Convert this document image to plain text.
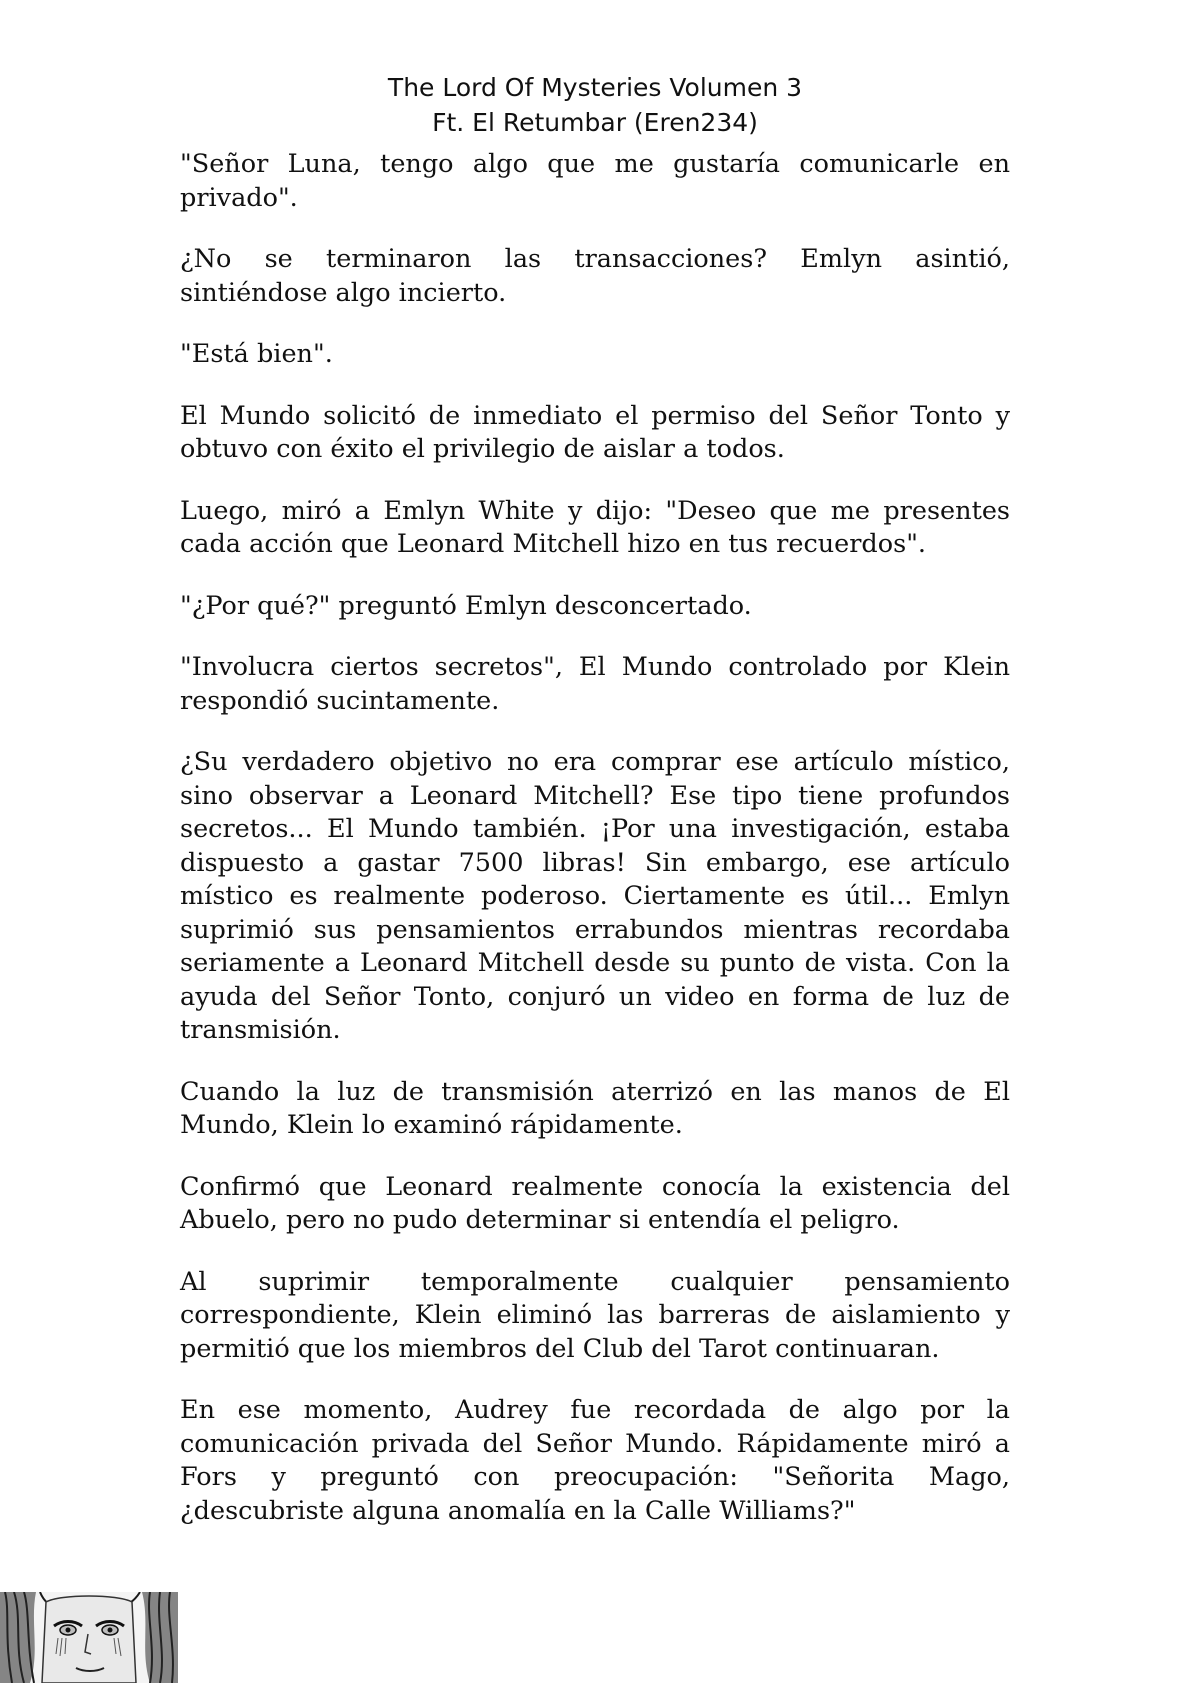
The Lord Of Mysteries Volumen 3
Ft. El Retumbar (Eren234)

"Señor Luna, tengo algo que me gustaría comunicarle en privado".

¿No se terminaron las transacciones? Emlyn asintió, sintiéndose algo incierto.

"Está bien".

El Mundo solicitó de inmediato el permiso del Señor Tonto y obtuvo con éxito el privilegio de aislar a todos.

Luego, miró a Emlyn White y dijo: "Deseo que me presentes cada acción que Leonard Mitchell hizo en tus recuerdos".

"¿Por qué?" preguntó Emlyn desconcertado.

"Involucra ciertos secretos", El Mundo controlado por Klein respondió sucintamente.

¿Su verdadero objetivo no era comprar ese artículo místico, sino observar a Leonard Mitchell? Ese tipo tiene profundos secretos... El Mundo también. ¡Por una investigación, estaba dispuesto a gastar 7500 libras! Sin embargo, ese artículo místico es realmente poderoso. Ciertamente es útil... Emlyn suprimió sus pensamientos errabundos mientras recordaba seriamente a Leonard Mitchell desde su punto de vista. Con la ayuda del Señor Tonto, conjuró un video en forma de luz de transmisión.

Cuando la luz de transmisión aterrizó en las manos de El Mundo, Klein lo examinó rápidamente.

Confirmó que Leonard realmente conocía la existencia del Abuelo, pero no pudo determinar si entendía el peligro.

Al suprimir temporalmente cualquier pensamiento correspondiente, Klein eliminó las barreras de aislamiento y permitió que los miembros del Club del Tarot continuaran.

En ese momento, Audrey fue recordada de algo por la comunicación privada del Señor Mundo. Rápidamente miró a Fors y preguntó con preocupación: "Señorita Mago, ¿descubriste alguna anomalía en la Calle Williams?"
